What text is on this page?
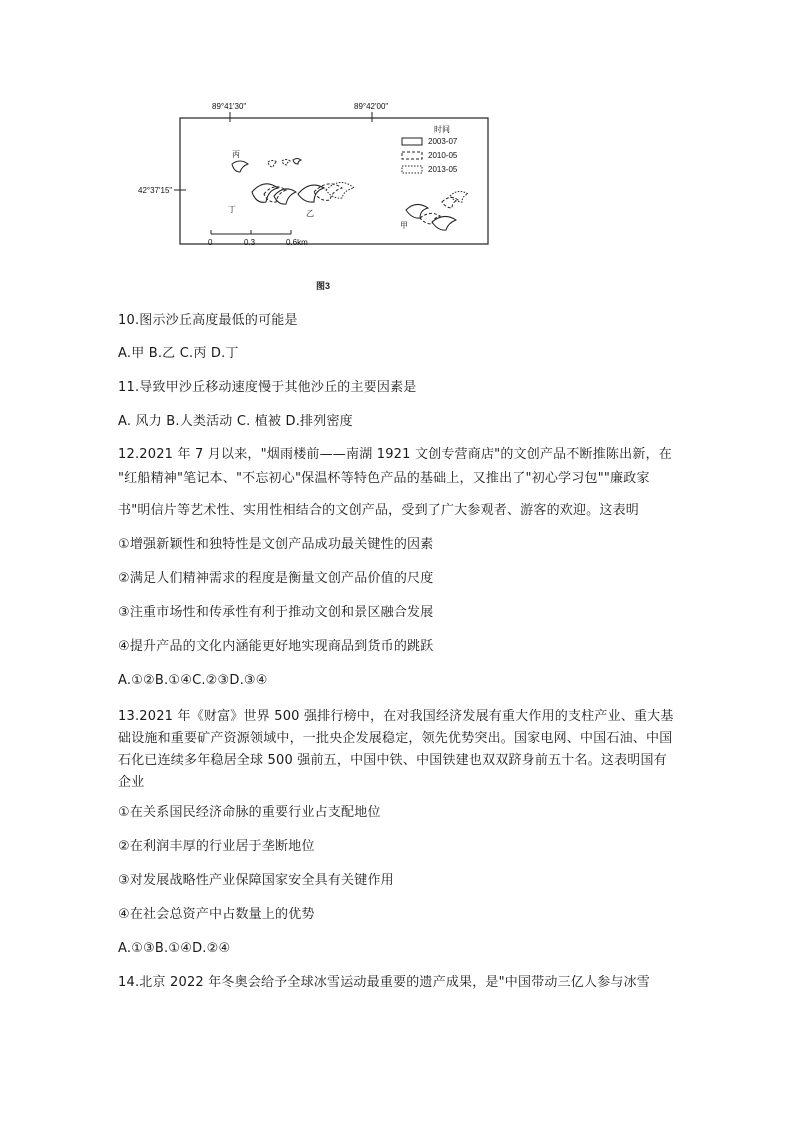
89°41'30"	89°42'00"
42°37'15"
时间
2003-07
2010-05
2013-05
丙
丁	乙
甲
0	0.3	0.6km
图3
10.图示沙丘高度最低的可能是
A.甲 B.乙 C.丙 D.丁
11.导致甲沙丘移动速度慢于其他沙丘的主要因素是
A. 风力 B.人类活动 C. 植被 D.排列密度
12.2021 年 7 月以来，"烟雨楼前——南湖 1921 文创专营商店"的文创产品不断推陈出新，在
"红船精神"笔记本、"不忘初心"保温杯等特色产品的基础上，又推出了"初心学习包""廉政家
书"明信片等艺术性、实用性相结合的文创产品，受到了广大参观者、游客的欢迎。这表明
①增强新颖性和独特性是文创产品成功最关键性的因素
②满足人们精神需求的程度是衡量文创产品价值的尺度
③注重市场性和传承性有利于推动文创和景区融合发展
④提升产品的文化内涵能更好地实现商品到货币的跳跃
A.①②B.①④C.②③D.③④
13.2021 年《财富》世界 500 强排行榜中，在对我国经济发展有重大作用的支柱产业、重大基础设施和重要矿产资源领域中，一批央企发展稳定，领先优势突出。国家电网、中国石油、中国石化已连续多年稳居全球 500 强前五，中国中铁、中国铁建也双双跻身前五十名。这表明国有企业
①在关系国民经济命脉的重要行业占支配地位
②在利润丰厚的行业居于垄断地位
③对发展战略性产业保障国家安全具有关键作用
④在社会总资产中占数量上的优势
A.①③B.①④D.②④
14.北京 2022 年冬奥会给予全球冰雪运动最重要的遗产成果，是"中国带动三亿人参与冰雪
